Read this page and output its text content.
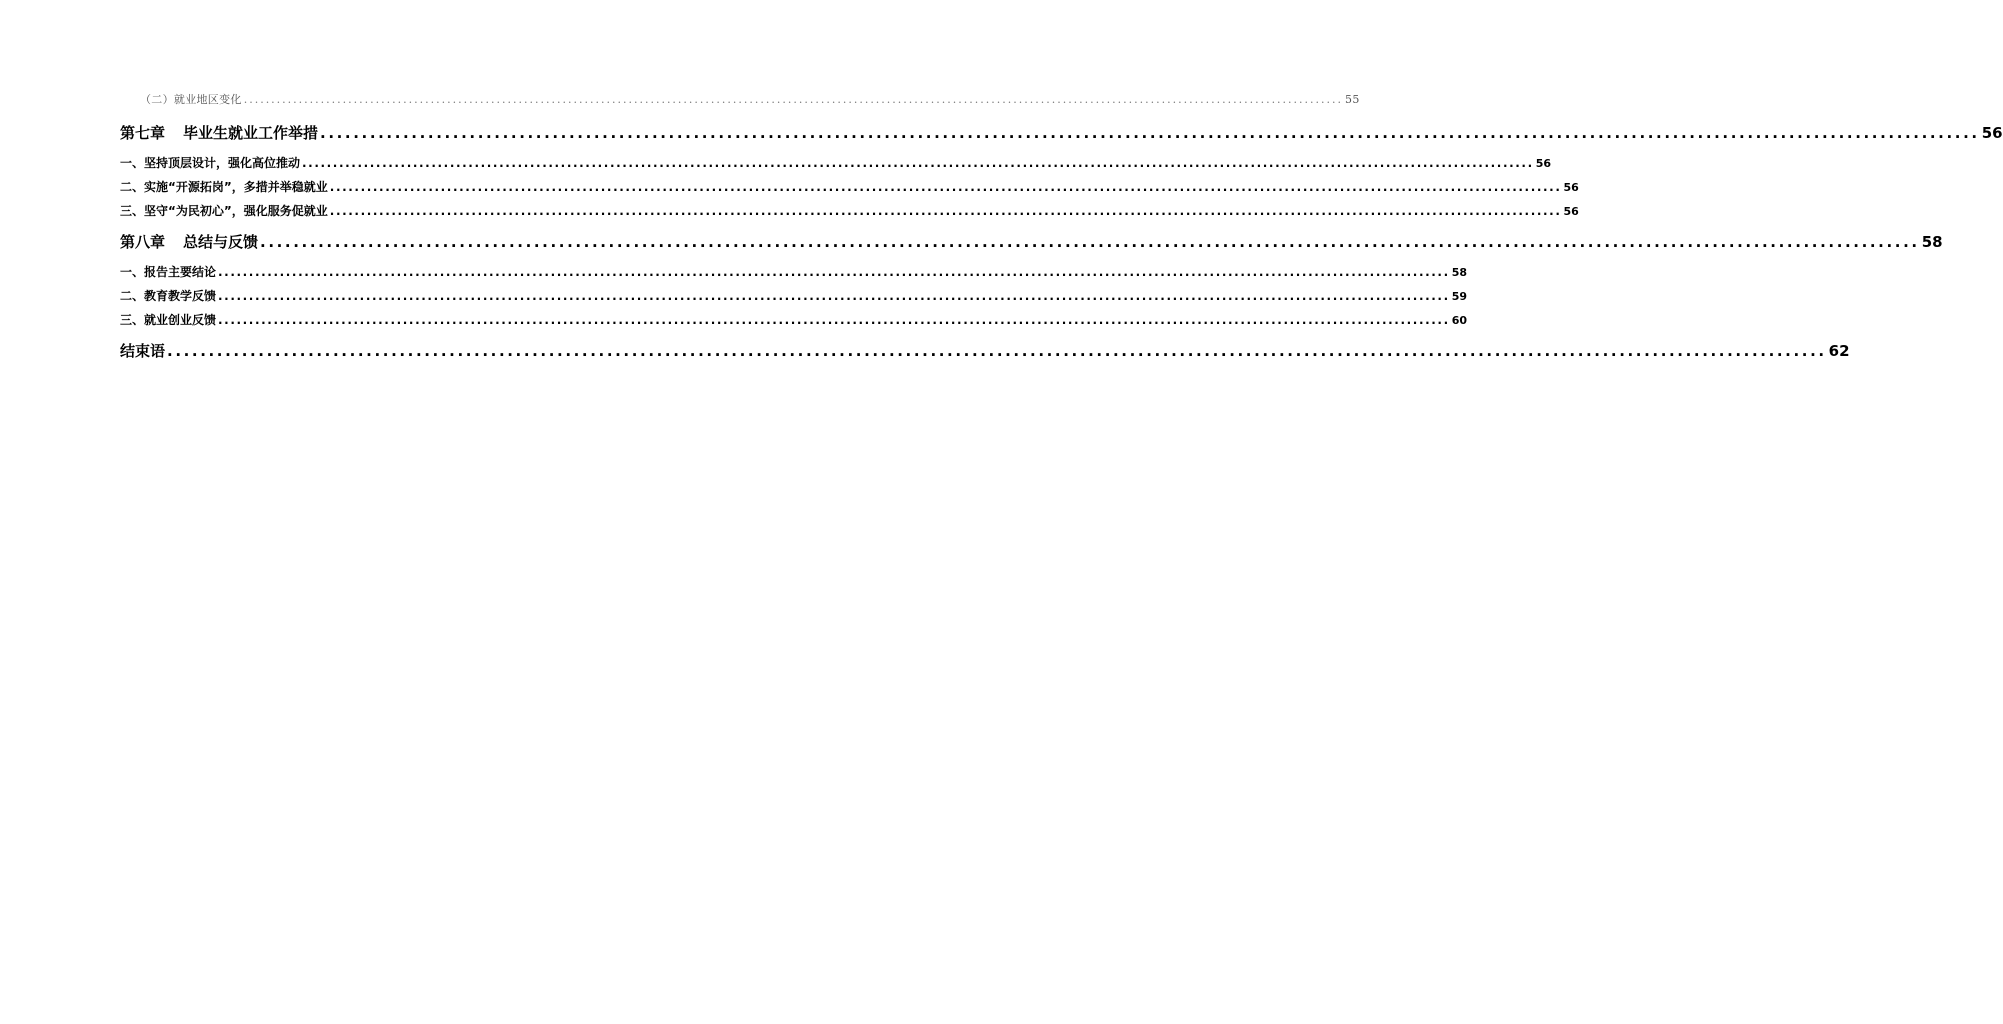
（二）就业地区变化 ........................................................................................................................................................................................................ 55
第七章 毕业生就业工作举措 ........................................................................................................................................................................................................ 56
一、坚持顶层设计，强化高位推动 ........................................................................................................................................................................................................ 56
二、实施“开源拓岗”，多措并举稳就业 ........................................................................................................................................................................................................ 56
三、坚守“为民初心”，强化服务促就业 ........................................................................................................................................................................................................ 56
第八章 总结与反馈 ........................................................................................................................................................................................................ 58
一、报告主要结论 ........................................................................................................................................................................................................ 58
二、教育教学反馈 ........................................................................................................................................................................................................ 59
三、就业创业反馈 ........................................................................................................................................................................................................ 60
结束语 ........................................................................................................................................................................................................ 62
